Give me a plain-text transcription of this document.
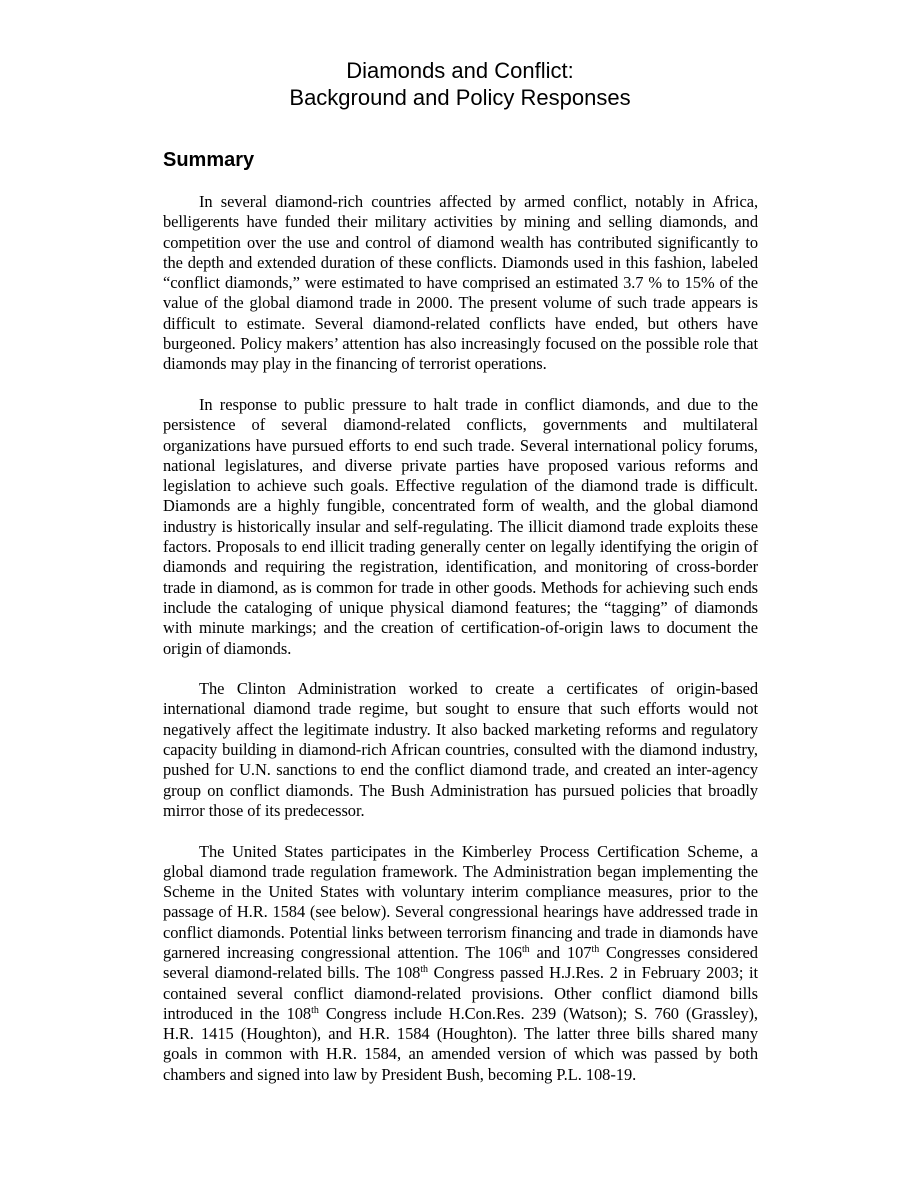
Diamonds and Conflict:
Background and Policy Responses
Summary

In several diamond-rich countries affected by armed conflict, notably in Africa, belligerents have funded their military activities by mining and selling diamonds, and competition over the use and control of diamond wealth has contributed significantly to the depth and extended duration of these conflicts. Diamonds used in this fashion, labeled “conflict diamonds,” were estimated to have comprised an estimated 3.7 % to 15% of the value of the global diamond trade in 2000. The present volume of such trade appears is difficult to estimate. Several diamond-related conflicts have ended, but others have burgeoned. Policy makers’ attention has also increasingly focused on the possible role that diamonds may play in the financing of terrorist operations.

In response to public pressure to halt trade in conflict diamonds, and due to the persistence of several diamond-related conflicts, governments and multilateral organizations have pursued efforts to end such trade. Several international policy forums, national legislatures, and diverse private parties have proposed various reforms and legislation to achieve such goals. Effective regulation of the diamond trade is difficult. Diamonds are a highly fungible, concentrated form of wealth, and the global diamond industry is historically insular and self-regulating. The illicit diamond trade exploits these factors. Proposals to end illicit trading generally center on legally identifying the origin of diamonds and requiring the registration, identification, and monitoring of cross-border trade in diamond, as is common for trade in other goods. Methods for achieving such ends include the cataloging of unique physical diamond features; the “tagging” of diamonds with minute markings; and the creation of certification-of-origin laws to document the origin of diamonds.

The Clinton Administration worked to create a certificates of origin-based international diamond trade regime, but sought to ensure that such efforts would not negatively affect the legitimate industry. It also backed marketing reforms and regulatory capacity building in diamond-rich African countries, consulted with the diamond industry, pushed for U.N. sanctions to end the conflict diamond trade, and created an inter-agency group on conflict diamonds. The Bush Administration has pursued policies that broadly mirror those of its predecessor.

The United States participates in the Kimberley Process Certification Scheme, a global diamond trade regulation framework. The Administration began implementing the Scheme in the United States with voluntary interim compliance measures, prior to the passage of H.R. 1584 (see below). Several congressional hearings have addressed trade in conflict diamonds. Potential links between terrorism financing and trade in diamonds have garnered increasing congressional attention. The 106th and 107th Congresses considered several diamond-related bills. The 108th Congress passed H.J.Res. 2 in February 2003; it contained several conflict diamond-related provisions. Other conflict diamond bills introduced in the 108th Congress include H.Con.Res. 239 (Watson); S. 760 (Grassley), H.R. 1415 (Houghton), and H.R. 1584 (Houghton). The latter three bills shared many goals in common with H.R. 1584, an amended version of which was passed by both chambers and signed into law by President Bush, becoming P.L. 108-19.
